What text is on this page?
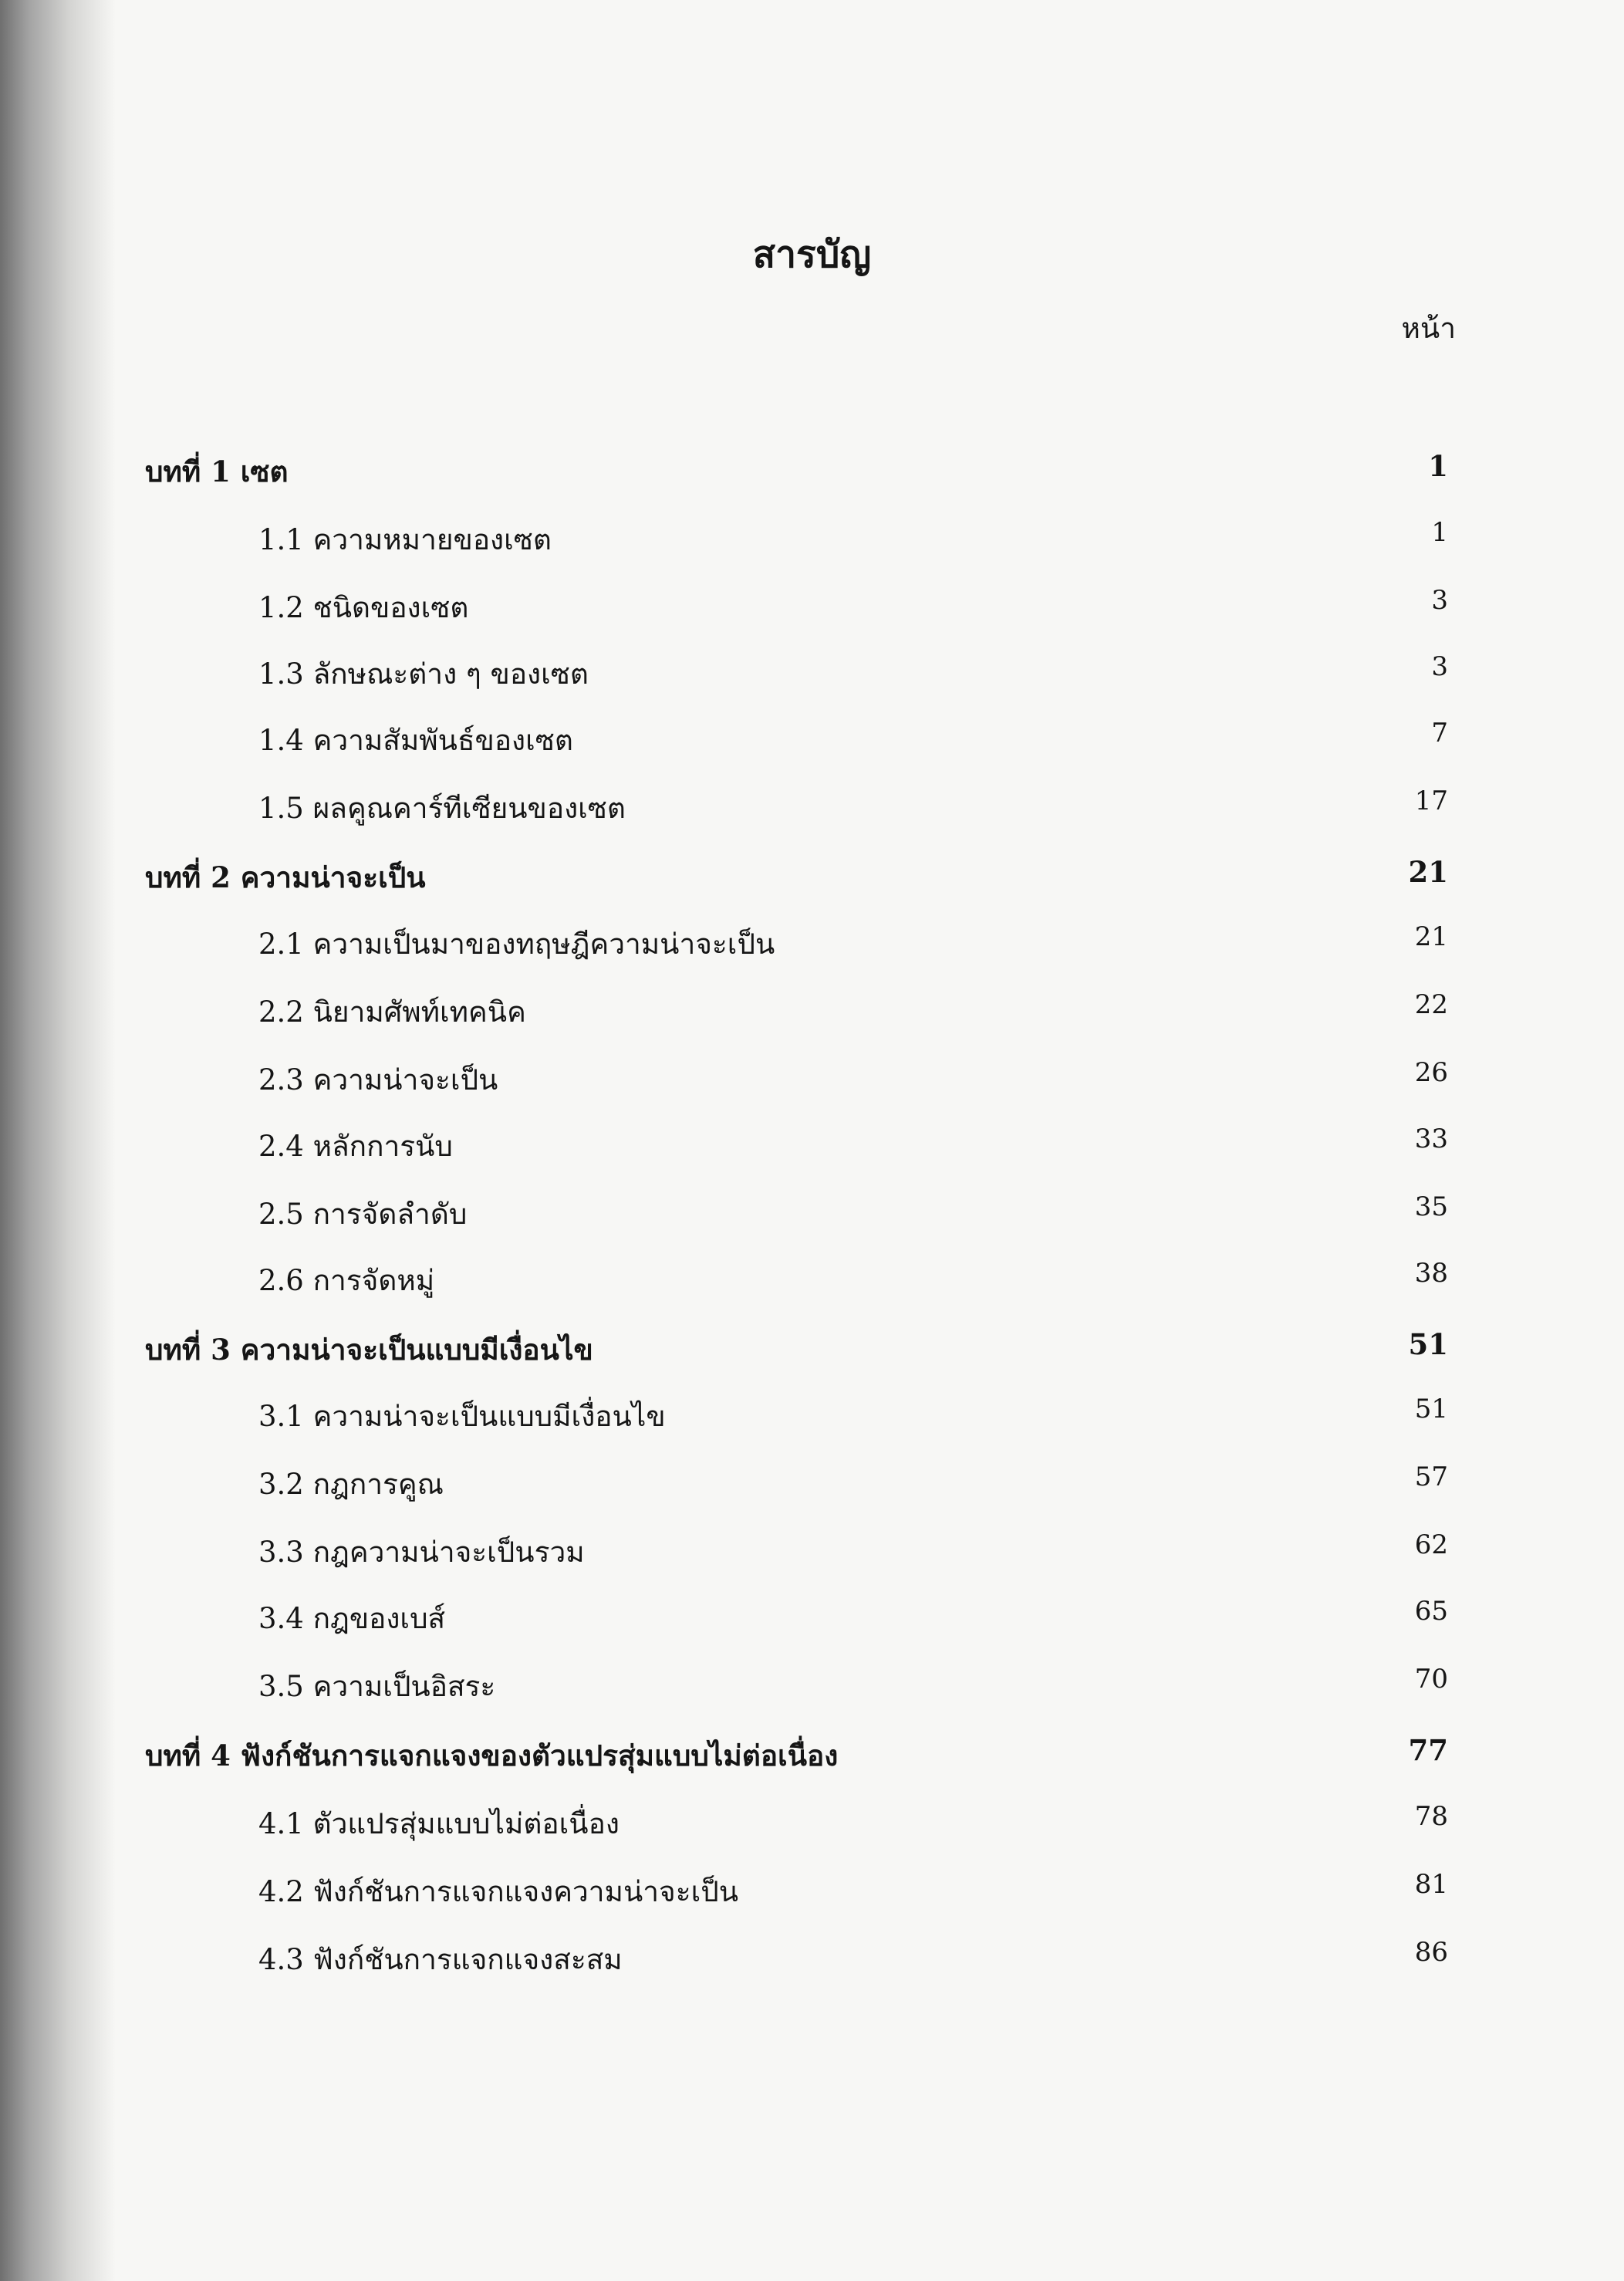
สารบัญ
หน้า
บทที่ 1 เซต	1
1.1 ความหมายของเซต	1
1.2 ชนิดของเซต	3
1.3 ลักษณะต่าง ๆ ของเซต	3
1.4 ความสัมพันธ์ของเซต	7
1.5 ผลคูณคาร์ทีเซียนของเซต	17
บทที่ 2 ความน่าจะเป็น	21
2.1 ความเป็นมาของทฤษฎีความน่าจะเป็น	21
2.2 นิยามศัพท์เทคนิค	22
2.3 ความน่าจะเป็น	26
2.4 หลักการนับ	33
2.5 การจัดลำดับ	35
2.6 การจัดหมู่	38
บทที่ 3 ความน่าจะเป็นแบบมีเงื่อนไข	51
3.1 ความน่าจะเป็นแบบมีเงื่อนไข	51
3.2 กฎการคูณ	57
3.3 กฎความน่าจะเป็นรวม	62
3.4 กฎของเบส์	65
3.5 ความเป็นอิสระ	70
บทที่ 4 ฟังก์ชันการแจกแจงของตัวแปรสุ่มแบบไม่ต่อเนื่อง	77
4.1 ตัวแปรสุ่มแบบไม่ต่อเนื่อง	78
4.2 ฟังก์ชันการแจกแจงความน่าจะเป็น	81
4.3 ฟังก์ชันการแจกแจงสะสม	86
